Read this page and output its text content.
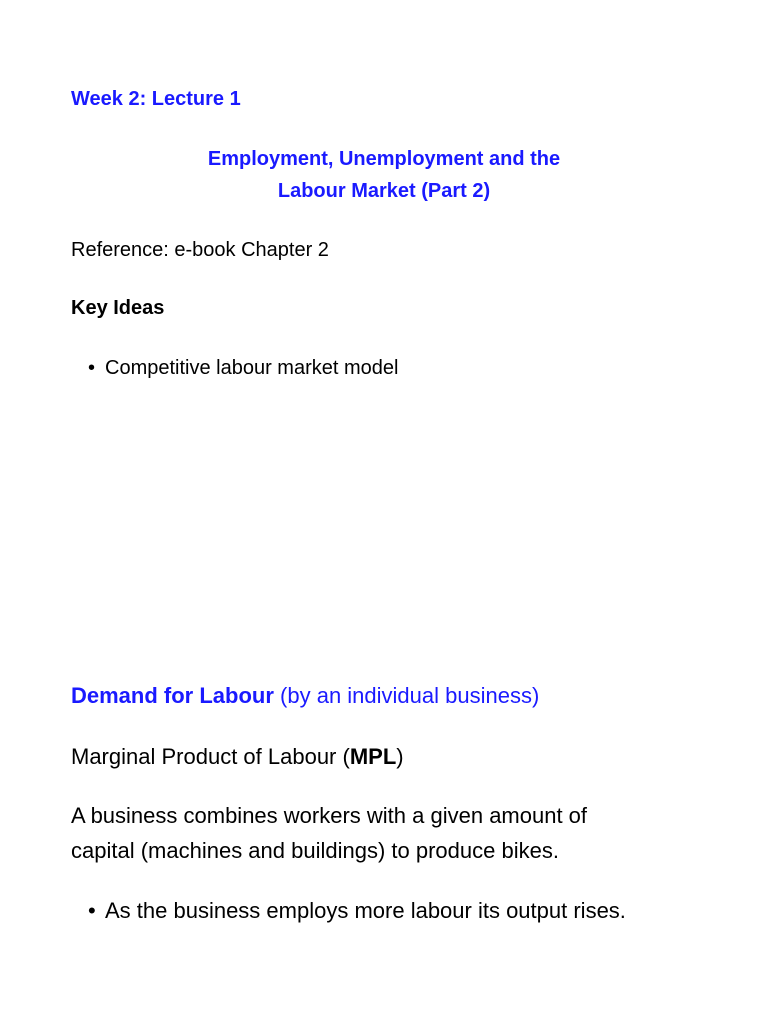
Week 2: Lecture 1
Employment, Unemployment and the
Labour Market (Part 2)
Reference: e-book Chapter 2
Key Ideas
• Competitive labour market model
Demand for Labour (by an individual business)
Marginal Product of Labour (MPL)
A business combines workers with a given amount of
capital (machines and buildings) to produce bikes.
• As the business employs more labour its output rises.
